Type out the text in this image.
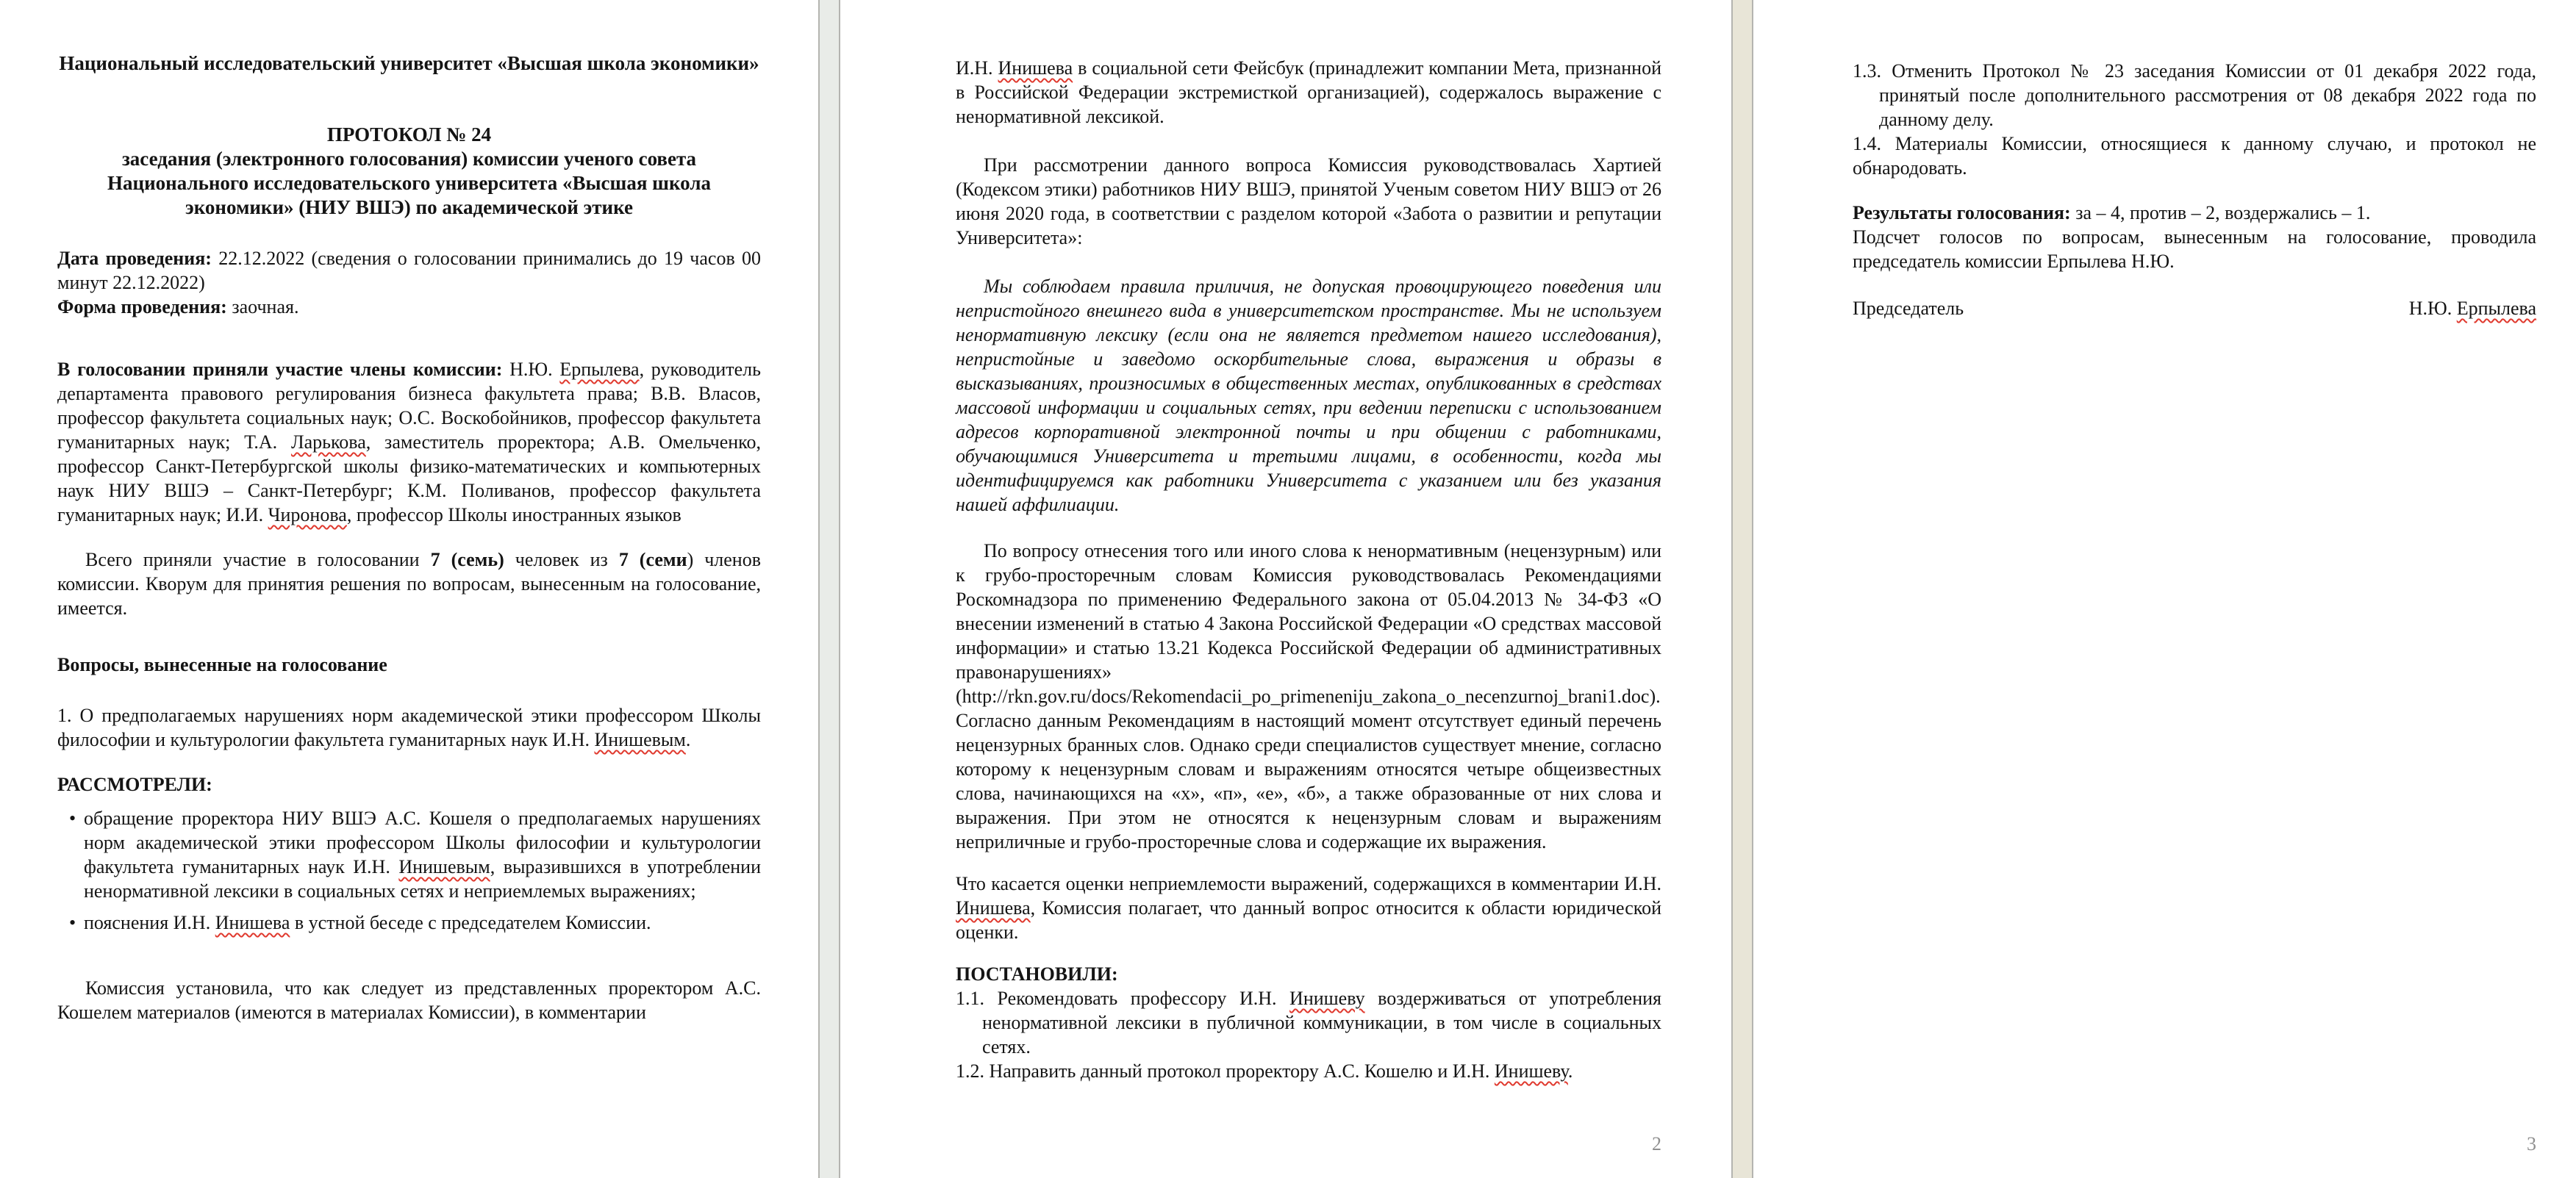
Национальный исследовательский университет «Высшая школа экономики»
ПРОТОКОЛ № 24
заседания (электронного голосования) комиссии ученого совета Национального исследовательского университета «Высшая школа экономики» (НИУ ВШЭ) по академической этике
Дата проведения: 22.12.2022 (сведения о голосовании принимались до 19 часов 00 минут 22.12.2022)
Форма проведения: заочная.
В голосовании приняли участие члены комиссии: Н.Ю. Ерпылева, руководитель департамента правового регулирования бизнеса факультета права; В.В. Власов, профессор факультета социальных наук; О.С. Воскобойников, профессор факультета гуманитарных наук; Т.А. Ларькова, заместитель проректора; А.В. Омельченко, профессор Санкт-Петербургской школы физико-математических и компьютерных наук НИУ ВШЭ – Санкт-Петербург; К.М. Поливанов, профессор факультета гуманитарных наук; И.И. Чиронова, профессор Школы иностранных языков
Всего приняли участие в голосовании 7 (семь) человек из 7 (семи) членов комиссии. Кворум для принятия решения по вопросам, вынесенным на голосование, имеется.
Вопросы, вынесенные на голосование
1. О предполагаемых нарушениях норм академической этики профессором Школы философии и культурологии факультета гуманитарных наук И.Н. Инишевым.
РАССМОТРЕЛИ:
• обращение проректора НИУ ВШЭ А.С. Кошеля о предполагаемых нарушениях норм академической этики профессором Школы философии и культурологии факультета гуманитарных наук И.Н. Инишевым, выразившихся в употреблении ненормативной лексики в социальных сетях и неприемлемых выражениях;
• пояснения И.Н. Инишева в устной беседе с председателем Комиссии.
Комиссия установила, что как следует из представленных проректором А.С. Кошелем материалов (имеются в материалах Комиссии), в комментарии
И.Н. Инишева в социальной сети Фейсбук (принадлежит компании Мета, признанной в Российской Федерации экстремисткой организацией), содержалось выражение с ненормативной лексикой.
При рассмотрении данного вопроса Комиссия руководствовалась Хартией (Кодексом этики) работников НИУ ВШЭ, принятой Ученым советом НИУ ВШЭ от 26 июня 2020 года, в соответствии с разделом которой «Забота о развитии и репутации Университета»:
Мы соблюдаем правила приличия, не допуская провоцирующего поведения или непристойного внешнего вида в университетском пространстве. Мы не используем ненормативную лексику (если она не является предметом нашего исследования), непристойные и заведомо оскорбительные слова, выражения и образы в высказываниях, произносимых в общественных местах, опубликованных в средствах массовой информации и социальных сетях, при ведении переписки с использованием адресов корпоративной электронной почты и при общении с работниками, обучающимися Университета и третьими лицами, в особенности, когда мы идентифицируемся как работники Университета с указанием или без указания нашей аффилиации.
По вопросу отнесения того или иного слова к ненормативным (нецензурным) или к грубо-просторечным словам Комиссия руководствовалась Рекомендациями Роскомнадзора по применению Федерального закона от 05.04.2013 № 34-ФЗ «О внесении изменений в статью 4 Закона Российской Федерации «О средствах массовой информации» и статью 13.21 Кодекса Российской Федерации об административных правонарушениях» (http://rkn.gov.ru/docs/Rekomendacii_po_primeneniju_zakona_o_necenzurnoj_brani1.doc). Согласно данным Рекомендациям в настоящий момент отсутствует единый перечень нецензурных бранных слов. Однако среди специалистов существует мнение, согласно которому к нецензурным словам и выражениям относятся четыре общеизвестных слова, начинающихся на «х», «п», «е», «б», а также образованные от них слова и выражения. При этом не относятся к нецензурным словам и выражениям неприличные и грубо-просторечные слова и содержащие их выражения.
Что касается оценки неприемлемости выражений, содержащихся в комментарии И.Н. Инишева, Комиссия полагает, что данный вопрос относится к области юридической оценки.
ПОСТАНОВИЛИ:
1.1. Рекомендовать профессору И.Н. Инишеву воздерживаться от употребления ненормативной лексики в публичной коммуникации, в том числе в социальных сетях.
1.2. Направить данный протокол проректору А.С. Кошелю и И.Н. Инишеву.
2
1.3. Отменить Протокол № 23 заседания Комиссии от 01 декабря 2022 года, принятый после дополнительного рассмотрения от 08 декабря 2022 года по данному делу.
1.4. Материалы Комиссии, относящиеся к данному случаю, и протокол не обнародовать.
Результаты голосования: за – 4, против – 2, воздержались – 1.
Подсчет голосов по вопросам, вынесенным на голосование, проводила председатель комиссии Ерпылева Н.Ю.
Председатель	Н.Ю. Ерпылева
3
